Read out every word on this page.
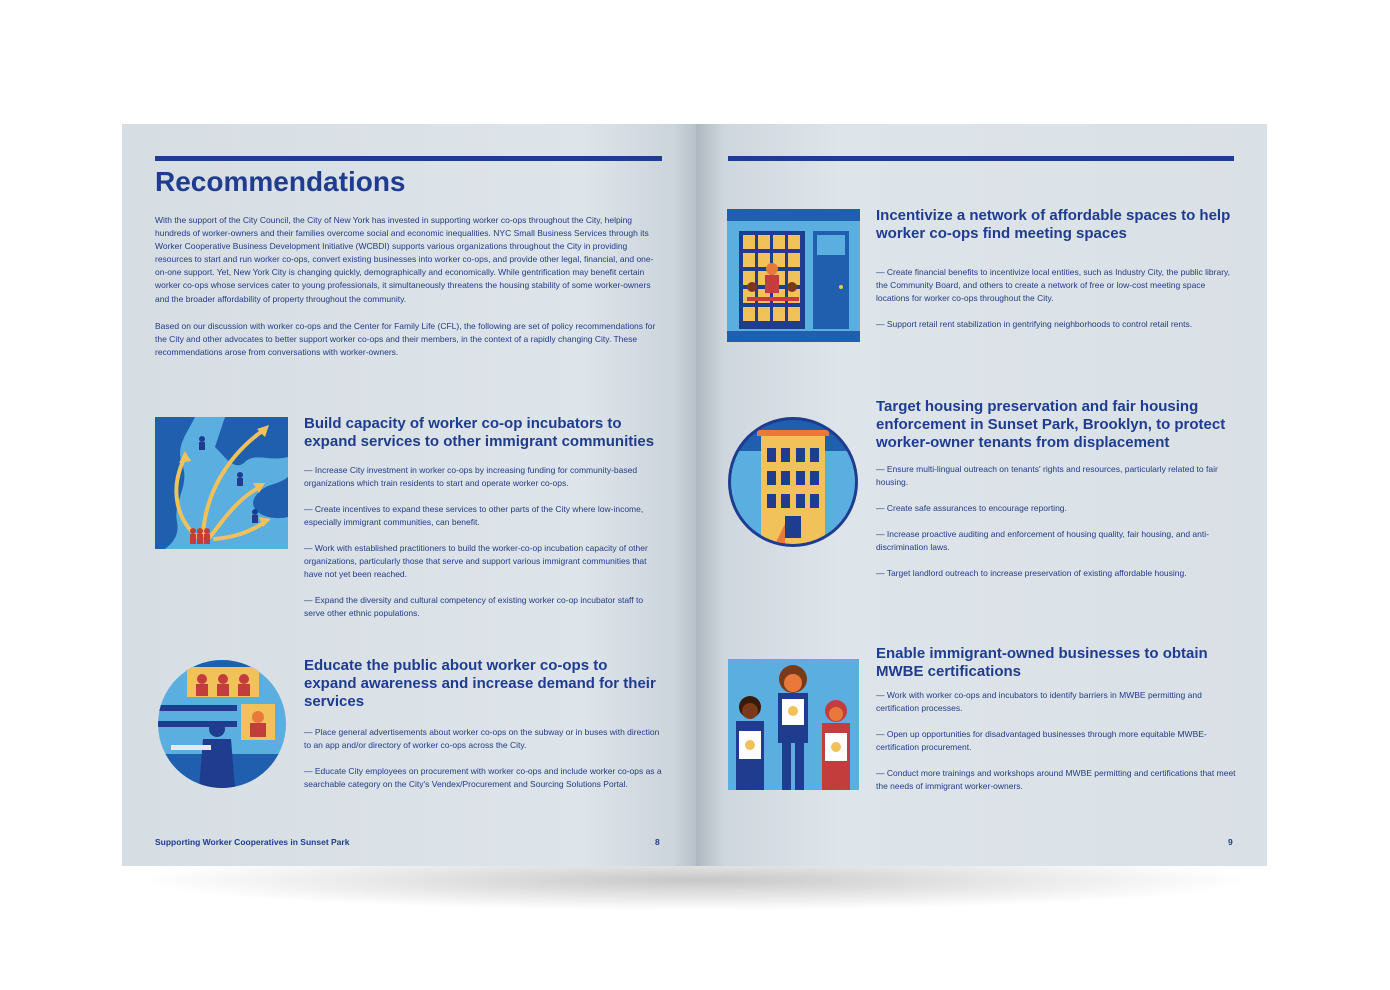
Recommendations

With the support of the City Council, the City of New York has invested in supporting worker co-ops throughout the City, helping hundreds of worker-owners and their families overcome social and economic inequalities. NYC Small Business Services through its Worker Cooperative Business Development Initiative (WCBDI) supports various organizations throughout the City in providing resources to start and run worker co-ops, convert existing businesses into worker co-ops, and provide other legal, financial, and one-on-one support. Yet, New York City is changing quickly, demographically and economically. While gentrification may benefit certain worker co-ops whose services cater to young professionals, it simultaneously threatens the housing stability of some worker-owners and the broader affordability of property throughout the community.

Based on our discussion with worker co-ops and the Center for Family Life (CFL), the following are set of policy recommendations for the City and other advocates to better support worker co-ops and their members, in the context of a rapidly changing City. These recommendations arose from conversations with worker-owners.

Build capacity of worker co-op incubators to expand services to other immigrant communities

— Increase City investment in worker co-ops by increasing funding for community-based organizations which train residents to start and operate worker co-ops.

— Create incentives to expand these services to other parts of the City where low-income, especially immigrant communities, can benefit.

— Work with established practitioners to build the worker-co-op incubation capacity of other organizations, particularly those that serve and support various immigrant communities that have not yet been reached.

— Expand the diversity and cultural competency of existing worker co-op incubator staff to serve other ethnic populations.

Educate the public about worker co-ops to expand awareness and increase demand for their services

— Place general advertisements about worker co-ops on the subway or in buses with direction to an app and/or directory of worker co-ops across the City.

— Educate City employees on procurement with worker co-ops and include worker co-ops as a searchable category on the City's Vendex/Procurement and Sourcing Solutions Portal.

Supporting Worker Cooperatives in Sunset Park	8
Incentivize a network of affordable spaces to help worker co-ops find meeting spaces

— Create financial benefits to incentivize local entities, such as Industry City, the public library, the Community Board, and others to create a network of free or low-cost meeting space locations for worker co-ops throughout the City.

— Support retail rent stabilization in gentrifying neighborhoods to control retail rents.

Target housing preservation and fair housing enforcement in Sunset Park, Brooklyn, to protect worker-owner tenants from displacement

— Ensure multi-lingual outreach on tenants' rights and resources, particularly related to fair housing.

— Create safe assurances to encourage reporting.

— Increase proactive auditing and enforcement of housing quality, fair housing, and anti-discrimination laws.

— Target landlord outreach to increase preservation of existing affordable housing.

Enable immigrant-owned businesses to obtain MWBE certifications

— Work with worker co-ops and incubators to identify barriers in MWBE permitting and certification processes.

— Open up opportunities for disadvantaged businesses through more equitable MWBE-certification procurement.

— Conduct more trainings and workshops around MWBE permitting and certifications that meet the needs of immigrant worker-owners.

9
